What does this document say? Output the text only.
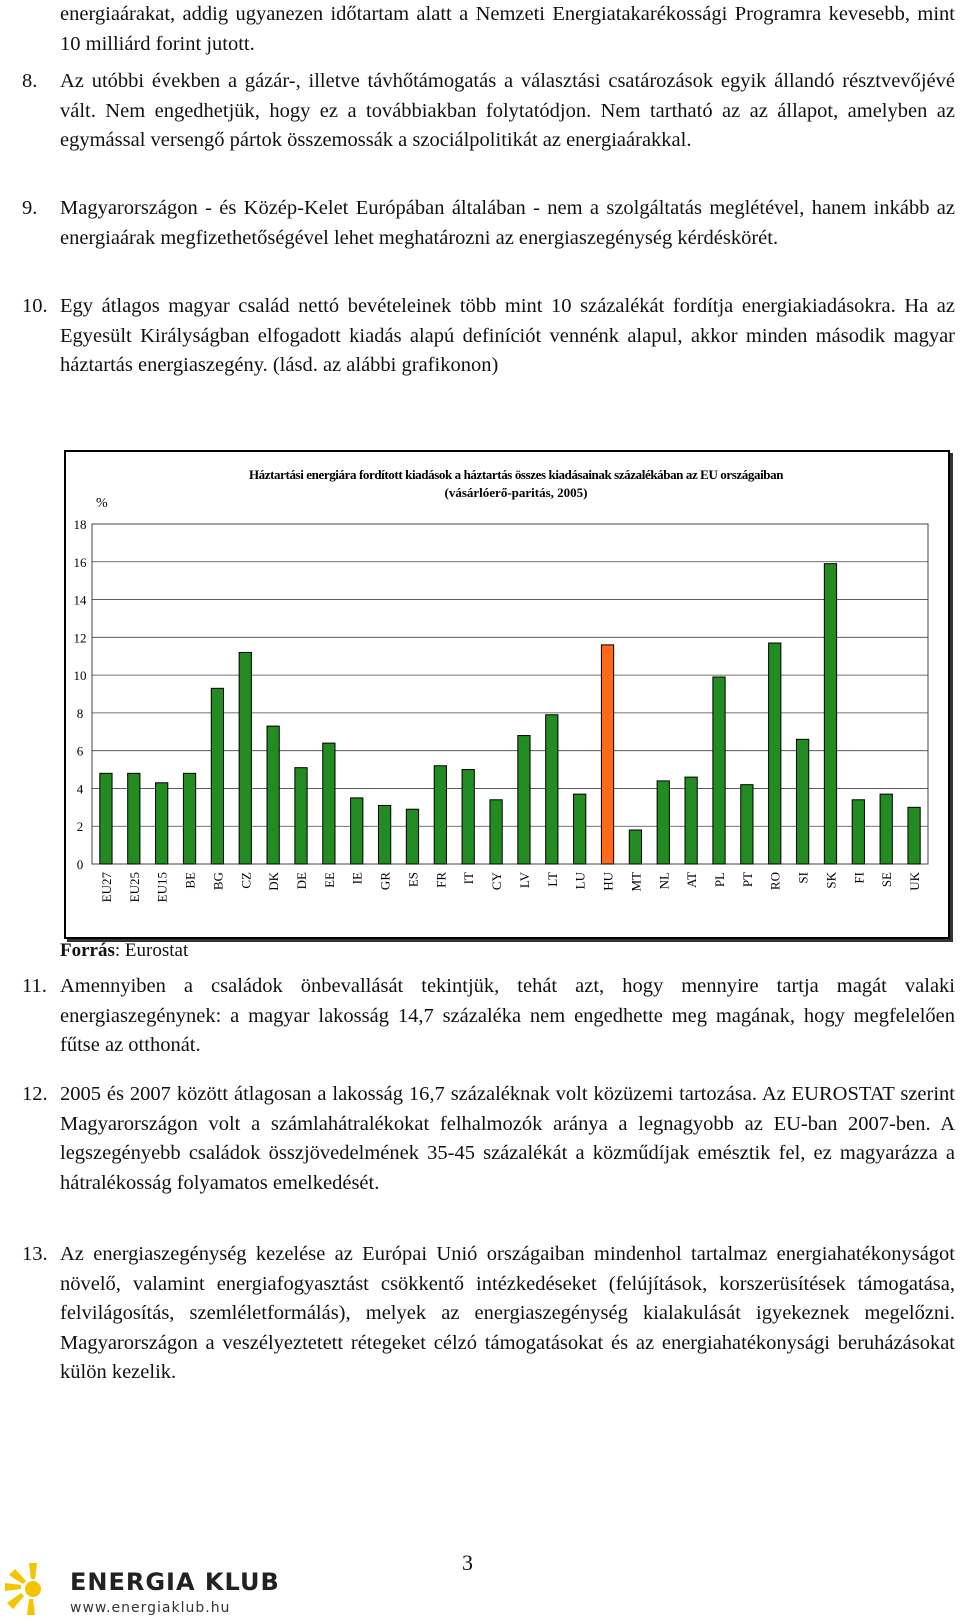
energiaárakat, addig ugyanezen időtartam alatt a Nemzeti Energiatakarékossági Programra kevesebb, mint 10 milliárd forint jutott.

8. Az utóbbi években a gázár-, illetve távhőtámogatás a választási csatározások egyik állandó résztvevőjévé vált. Nem engedhetjük, hogy ez a továbbiakban folytatódjon. Nem tartható az az állapot, amelyben az egymással versengő pártok összemossák a szociálpolitikát az energiaárakkal.
9. Magyarországon - és Közép-Kelet Európában általában - nem a szolgáltatás meglétével, hanem inkább az energiaárak megfizethetőségével lehet meghatározni az energiaszegénység kérdéskörét.
10. Egy átlagos magyar család nettó bevételeinek több mint 10 százalékát fordítja energiakiadásokra. Ha az Egyesült Királyságban elfogadott kiadás alapú definíciót vennénk alapul, akkor minden második magyar háztartás energiaszegény. (lásd. az alábbi grafikonon)
0
2
4
6
8
10
12
14
16
18
%
Háztartási energiára fordított kiadások a háztartás összes kiadásainak százalékában az EU országaiban
(vásárlóerő-paritás, 2005)
EU27 EU25 EU15 BE BG CZ DK DE EE IE GR ES FR IT CY LV LT LU HU MT NL AT PL PT RO SI SK FI SE UK
Forrás: Eurostat
11. Amennyiben a családok önbevallását tekintjük, tehát azt, hogy mennyire tartja magát valaki energiaszegénynek: a magyar lakosság 14,7 százaléka nem engedhette meg magának, hogy megfelelően fűtse az otthonát.
12. 2005 és 2007 között átlagosan a lakosság 16,7 százaléknak volt közüzemi tartozása. Az EUROSTAT szerint Magyarországon volt a számlahátralékokat felhalmozók aránya a legnagyobb az EU-ban 2007-ben. A legszegényebb családok összjövedelmének 35-45 százalékát a közműdíjak emésztik fel, ez magyarázza a hátralékosság folyamatos emelkedését.
13. Az energiaszegénység kezelése az Európai Unió országaiban mindenhol tartalmaz energiahatékonyságot növelő, valamint energiafogyasztást csökkentő intézkedéseket (felújítások, korszerüsítések támogatása, felvilágosítás, szemléletformálás), melyek az energiaszegénység kialakulását igyekeznek megelőzni. Magyarországon a veszélyeztetett rétegeket célzó támogatásokat és az energiahatékonysági beruházásokat külön kezelik.
3
ENERGIA KLUB
www.energiaklub.hu
